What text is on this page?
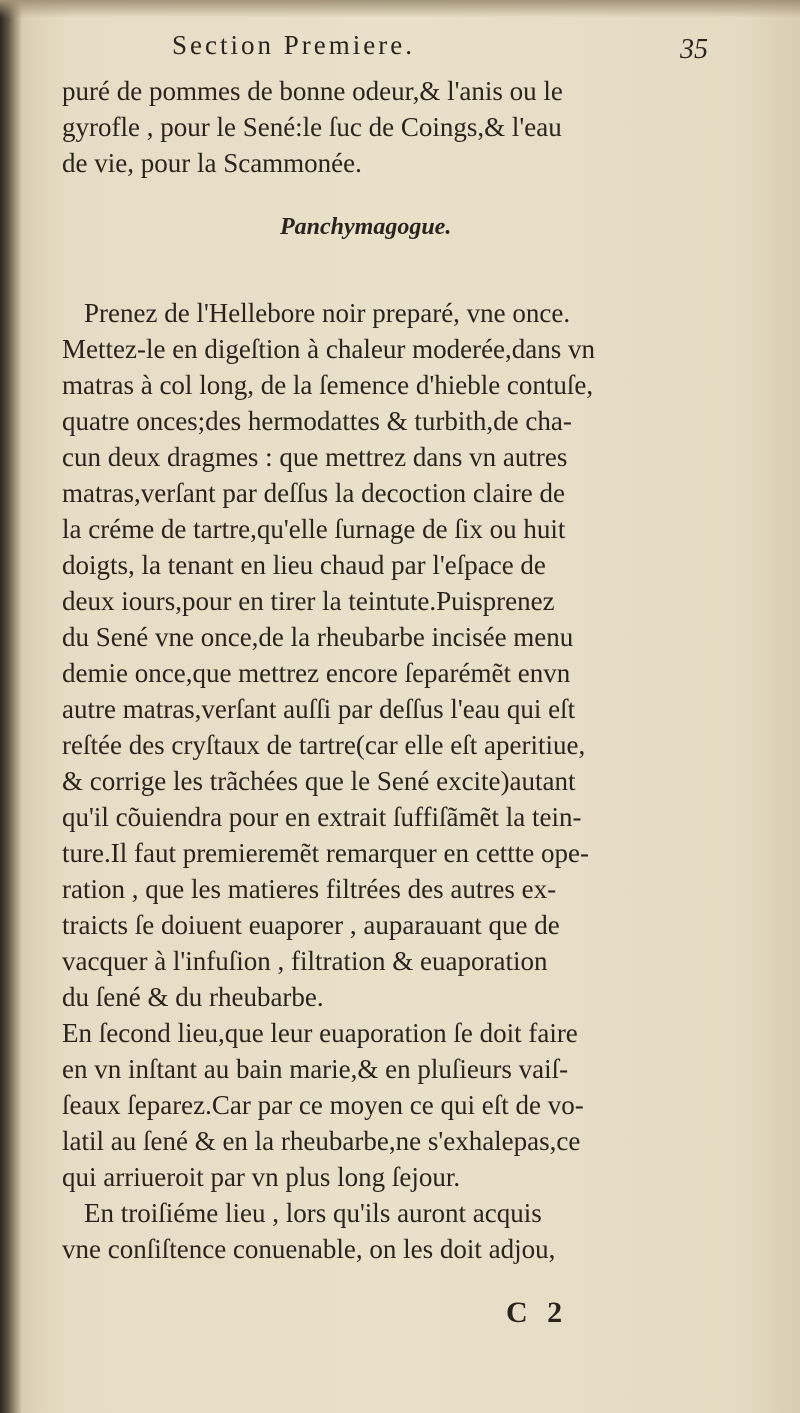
Section Premiere.	35

puré de pommes de bonne odeur,& l'anis ou le

gyrofle , pour le Sené:le ſuc de Coings,& l'eau

de vie, pour la Scammonée.

Panchymagogue.

Prenez de l'Hellebore noir preparé, vne once.

Mettez-le en digeſtion à chaleur moderée,dans vn

matras à col long, de la ſemence d'hieble contuſe,

quatre onces;des hermodattes & turbith,de cha-

cun deux dragmes : que mettrez dans vn autres

matras,verſant par deſſus la decoction claire de

la créme de tartre,qu'elle ſurnage de ſix ou huit

doigts, la tenant en lieu chaud par l'eſpace de

deux iours,pour en tirer la teintute.Puisprenez

du Sené vne once,de la rheubarbe incisée menu

demie once,que mettrez encore ſeparémẽt envn

autre matras,verſant auſſi par deſſus l'eau qui eſt

reſtée des cryſtaux de tartre(car elle eſt aperitiue,

& corrige les trãchées que le Sené excite)autant

qu'il cõuiendra pour en extrait ſuffiſãmẽt la tein-

ture.Il faut premieremẽt remarquer en cettte ope-

ration , que les matieres filtrées des autres ex-

traicts ſe doiuent euaporer , auparauant que de

vacquer à l'infuſion , filtration & euaporation

du ſené & du rheubarbe.

En ſecond lieu,que leur euaporation ſe doit faire

en vn inſtant au bain marie,& en pluſieurs vaiſ-

ſeaux ſeparez.Car par ce moyen ce qui eſt de vo-

latil au ſené & en la rheubarbe,ne s'exhalepas,ce

qui arriueroit par vn plus long ſejour.

En troiſiéme lieu , lors qu'ils auront acquis

vne conſiſtence conuenable, on les doit adjou,

C 2
